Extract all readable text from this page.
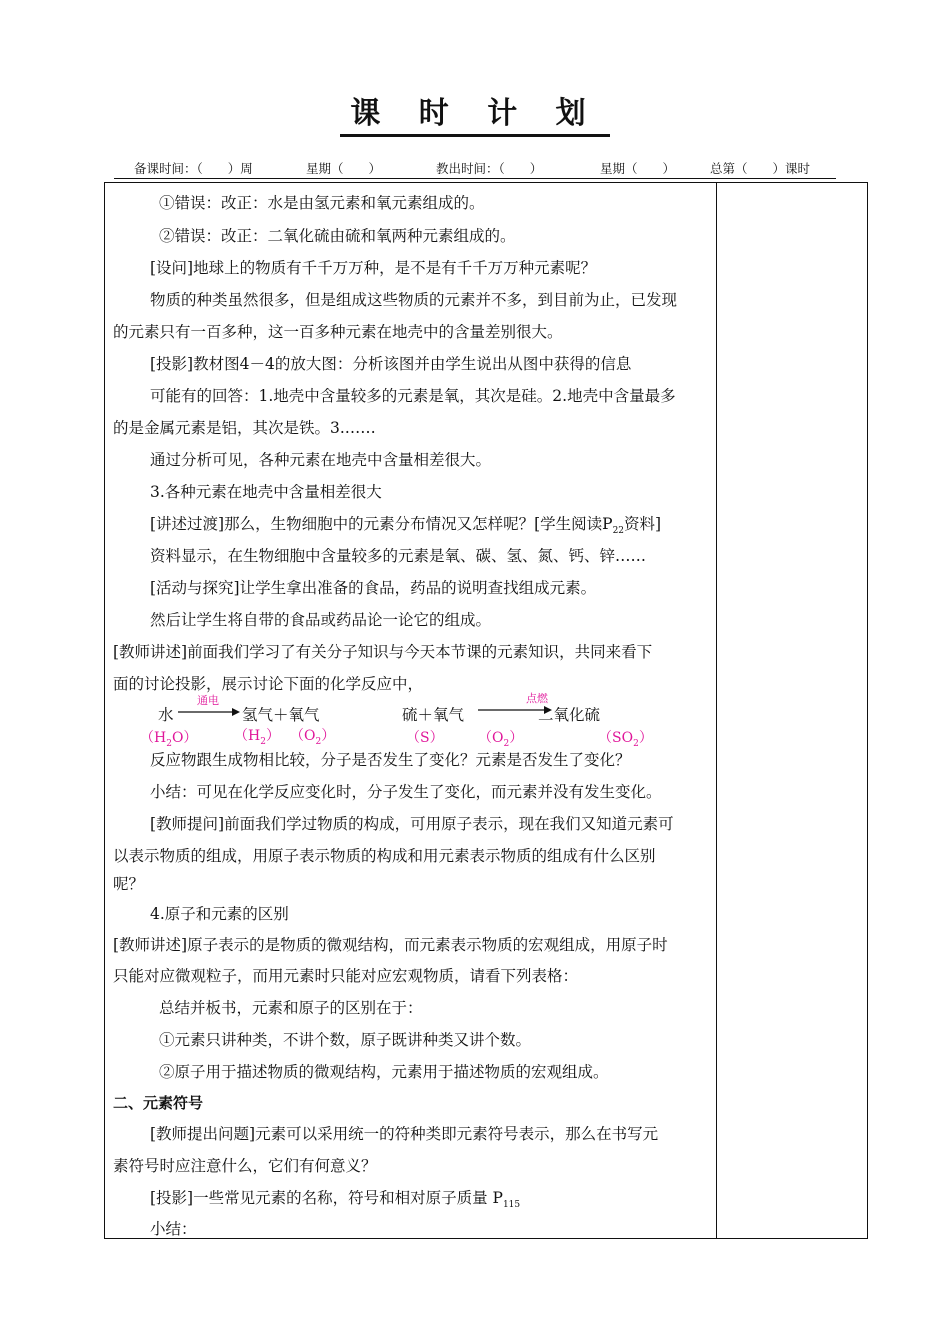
课 时 计 划
备课时间：（　　）周	星期（　　）	教出时间：（　　）	星期（　　）	总第（　　）课时
①错误：改正：水是由氢元素和氧元素组成的。
②错误：改正：二氧化硫由硫和氧两种元素组成的。
[设问]地球上的物质有千千万万种，是不是有千千万万种元素呢？
物质的种类虽然很多，但是组成这些物质的元素并不多，到目前为止，已发现
的元素只有一百多种，这一百多种元素在地壳中的含量差别很大。
[投影]教材图4－4的放大图：分析该图并由学生说出从图中获得的信息
可能有的回答：1.地壳中含量较多的元素是氧，其次是硅。2.地壳中含量最多
的是金属元素是铝，其次是铁。3.……
通过分析可见，各种元素在地壳中含量相差很大。
3.各种元素在地壳中含量相差很大
[讲述过渡]那么，生物细胞中的元素分布情况又怎样呢？[学生阅读$P_{22}$资料]
资料显示，在生物细胞中含量较多的元素是氧、碳、氢、氮、钙、锌……
[活动与探究]让学生拿出准备的食品，药品的说明查找组成元素。
然后让学生将自带的食品或药品论一论它的组成。
[教师讲述]前面我们学习了有关分子知识与今天本节课的元素知识，共同来看下
面的讨论投影，展示讨论下面的化学反应中，
水
通电
→ 氢气＋氧气	硫＋氧气
点燃
二氧化硫
$(H_2O)$	$(H_2)$ $(O_2)$	（S） $(O_2)$	$(SO_2)$
反应物跟生成物相比较，分子是否发生了变化？元素是否发生了变化？
小结：可见在化学反应变化时，分子发生了变化，而元素并没有发生变化。
[教师提问]前面我们学过物质的构成，可用原子表示，现在我们又知道元素可
以表示物质的组成，用原子表示物质的构成和用元素表示物质的组成有什么区别
呢？
4.原子和元素的区别
[教师讲述]原子表示的是物质的微观结构，而元素表示物质的宏观组成，用原子时
只能对应微观粒子，而用元素时只能对应宏观物质，请看下列表格：
总结并板书，元素和原子的区别在于：
①元素只讲种类，不讲个数，原子既讲种类又讲个数。
②原子用于描述物质的微观结构，元素用于描述物质的宏观组成。
二、元素符号
[教师提出问题]元素可以采用统一的符种类即元素符号表示，那么在书写元
素符号时应注意什么，它们有何意义？
[投影]一些常见元素的名称，符号和相对原子质量 $P_{115}$
小结：
